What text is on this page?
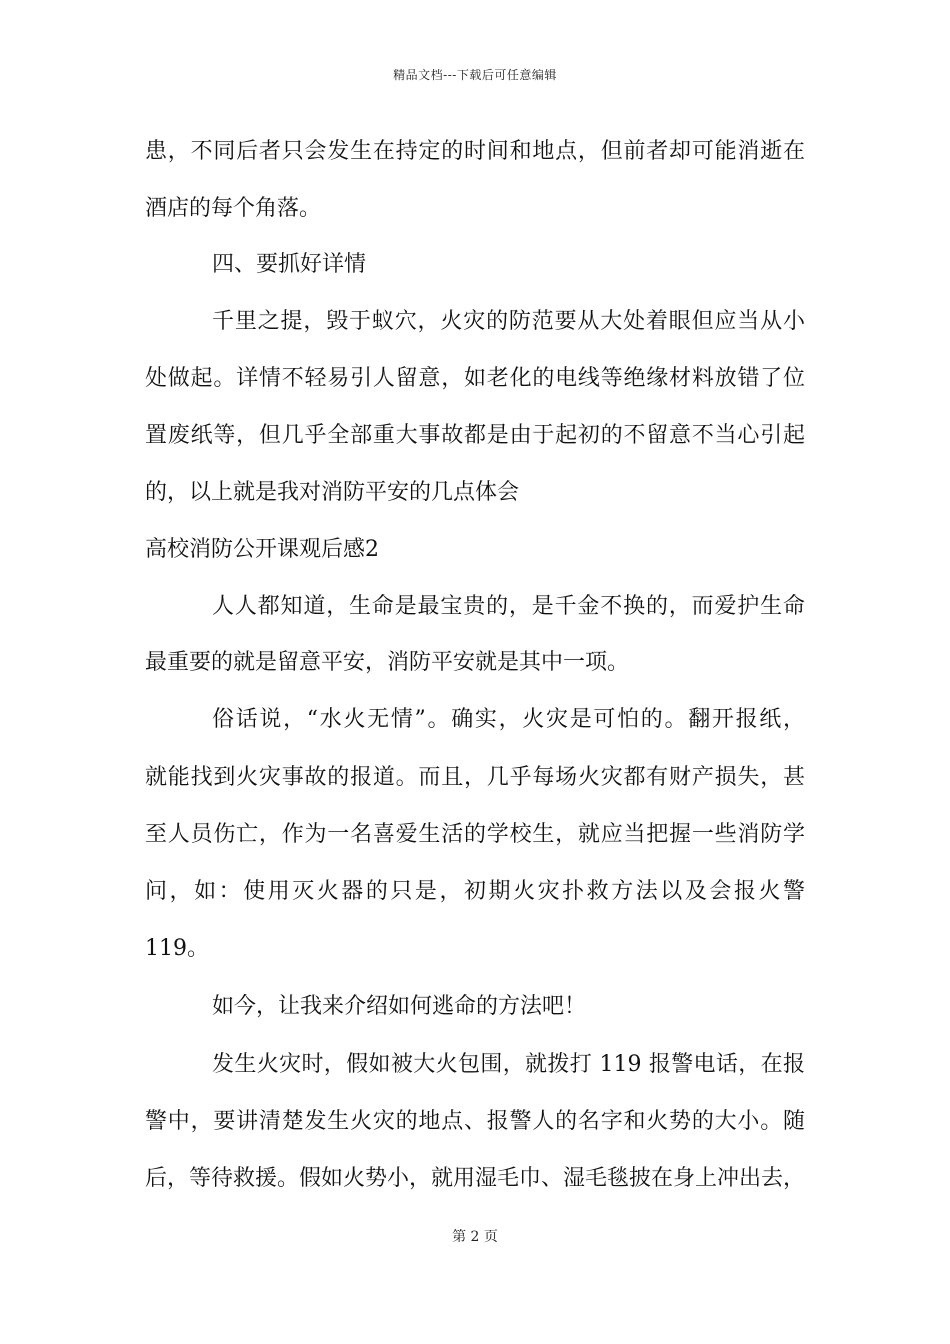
精品文档---下载后可任意编辑
患，不同后者只会发生在持定的时间和地点，但前者却可能消逝在
酒店的每个角落。
四、要抓好详情
千里之提，毁于蚁穴，火灾的防范要从大处着眼但应当从小
处做起。详情不轻易引人留意，如老化的电线等绝缘材料放错了位
置废纸等，但几乎全部重大事故都是由于起初的不留意不当心引起
的，以上就是我对消防平安的几点体会
高校消防公开课观后感2
人人都知道，生命是最宝贵的，是千金不换的，而爱护生命
最重要的就是留意平安，消防平安就是其中一项。
俗话说，“水火无情”。确实，火灾是可怕的。翻开报纸，
就能找到火灾事故的报道。而且，几乎每场火灾都有财产损失，甚
至人员伤亡，作为一名喜爱生活的学校生，就应当把握一些消防学
问，如：使用灭火器的只是，初期火灾扑救方法以及会报火警
119。
如今，让我来介绍如何逃命的方法吧！
发生火灾时，假如被大火包围，就拨打 119 报警电话，在报
警中，要讲清楚发生火灾的地点、报警人的名字和火势的大小。随
后，等待救援。假如火势小，就用湿毛巾、湿毛毯披在身上冲出去，
第 2 页
